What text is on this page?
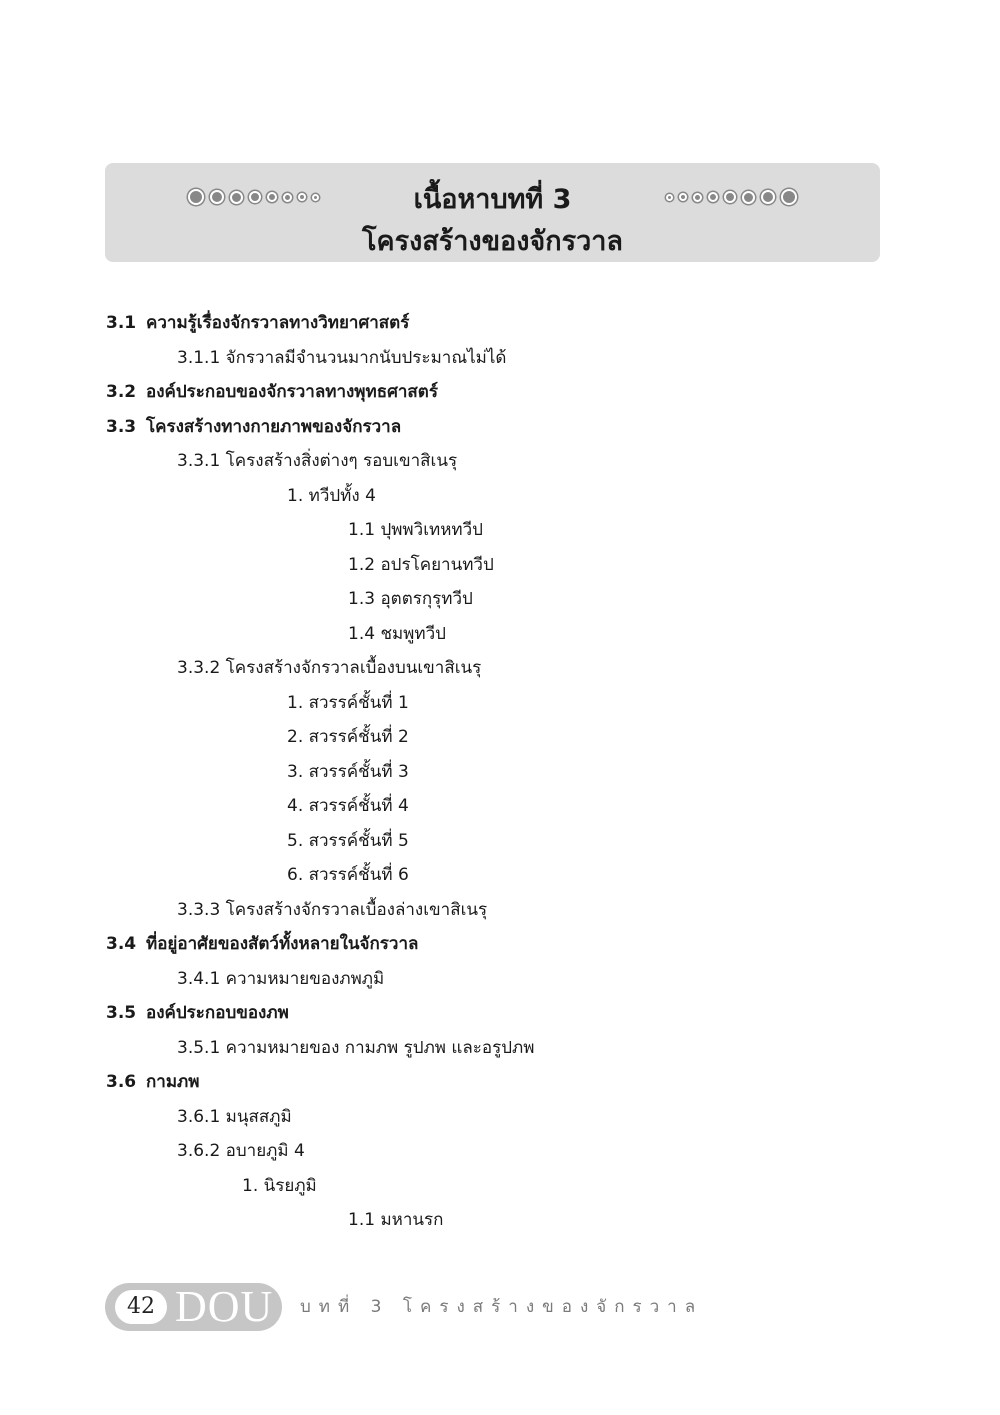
เนื้อหาบทที่ 3
โครงสร้างของจักรวาล
3.1 ความรู้เรื่องจักรวาลทางวิทยาศาสตร์
3.1.1 จักรวาลมีจำนวนมากนับประมาณไม่ได้
3.2 องค์ประกอบของจักรวาลทางพุทธศาสตร์
3.3 โครงสร้างทางกายภาพของจักรวาล
3.3.1 โครงสร้างสิ่งต่างๆ รอบเขาสิเนรุ
1. ทวีปทั้ง 4
1.1 ปุพพวิเทหทวีป
1.2 อปรโคยานทวีป
1.3 อุตตรกุรุทวีป
1.4 ชมพูทวีป
3.3.2 โครงสร้างจักรวาลเบื้องบนเขาสิเนรุ
1. สวรรค์ชั้นที่ 1
2. สวรรค์ชั้นที่ 2
3. สวรรค์ชั้นที่ 3
4. สวรรค์ชั้นที่ 4
5. สวรรค์ชั้นที่ 5
6. สวรรค์ชั้นที่ 6
3.3.3 โครงสร้างจักรวาลเบื้องล่างเขาสิเนรุ
3.4 ที่อยู่อาศัยของสัตว์ทั้งหลายในจักรวาล
3.4.1 ความหมายของภพภูมิ
3.5 องค์ประกอบของภพ
3.5.1 ความหมายของ กามภพ รูปภพ และอรูปภพ
3.6 กามภพ
3.6.1 มนุสสภูมิ
3.6.2 อบายภูมิ 4
1. นิรยภูมิ
1.1 มหานรก
42 DOU บทที่ 3 โครงสร้างของจักรวาล
